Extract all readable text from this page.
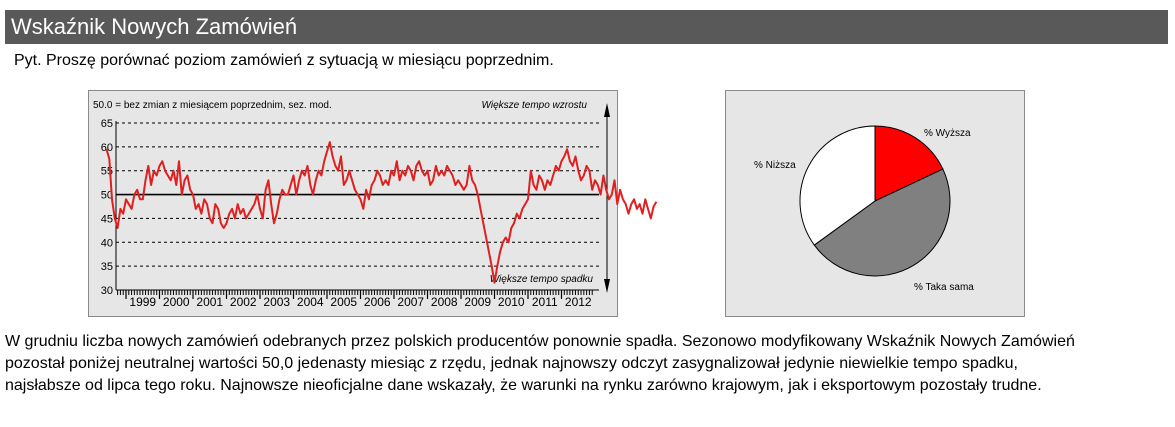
Wskaźnik Nowych Zamówień
Pyt. Proszę porównać poziom zamówień z sytuacją w miesiącu poprzednim.
50.0 = bez zmian z miesiącem poprzednim, sez. mod.	Większe tempo wzrostu
Większe tempo spadku
30
35
40
45
50
55
60
65
1999 2000 2001 2002 2003 2004 2005 2006 2007 2008 2009 2010 2011 2012
% Wyższa
% Taka sama
% Niższa
W grudniu liczba nowych zamówień odebranych przez polskich producentów ponownie spadła. Sezonowo modyfikowany Wskaźnik Nowych Zamówień
pozostał poniżej neutralnej wartości 50,0 jedenasty miesiąc z rzędu, jednak najnowszy odczyt zasygnalizował jedynie niewielkie tempo spadku,
najsłabsze od lipca tego roku. Najnowsze nieoficjalne dane wskazały, że warunki na rynku zarówno krajowym, jak i eksportowym pozostały trudne.
